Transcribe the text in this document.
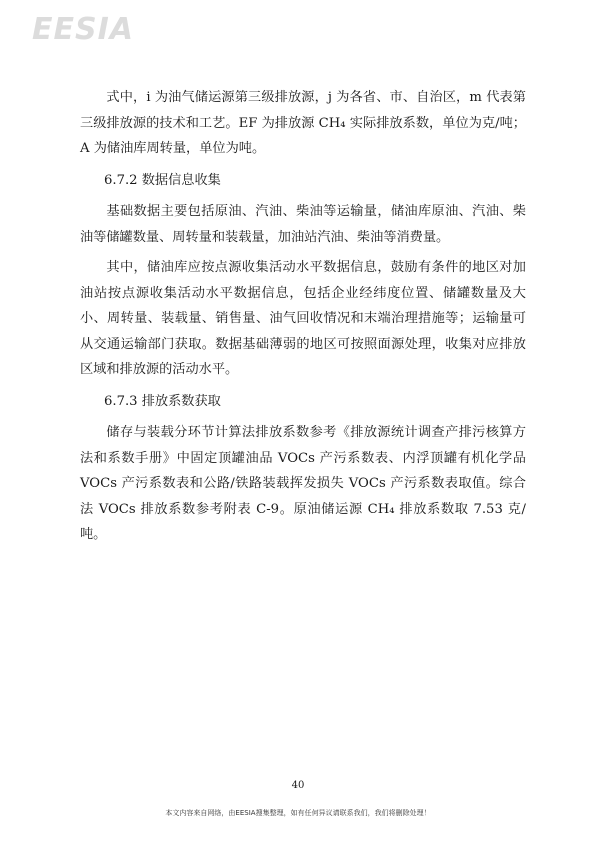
EESIA

式中，i 为油气储运源第三级排放源，j 为各省、市、自治区，m 代表第三级排放源的技术和工艺。EF 为排放源 CH₄ 实际排放系数，单位为克/吨；A 为储油库周转量，单位为吨。

6.7.2 数据信息收集

基础数据主要包括原油、汽油、柴油等运输量，储油库原油、汽油、柴油等储罐数量、周转量和装载量，加油站汽油、柴油等消费量。

其中，储油库应按点源收集活动水平数据信息，鼓励有条件的地区对加油站按点源收集活动水平数据信息，包括企业经纬度位置、储罐数量及大小、周转量、装载量、销售量、油气回收情况和末端治理措施等；运输量可从交通运输部门获取。数据基础薄弱的地区可按照面源处理，收集对应排放区域和排放源的活动水平。

6.7.3 排放系数获取

储存与装载分环节计算法排放系数参考《排放源统计调查产排污核算方法和系数手册》中固定顶罐油品 VOCs 产污系数表、内浮顶罐有机化学品 VOCs 产污系数表和公路/铁路装载挥发损失 VOCs 产污系数表取值。综合法 VOCs 排放系数参考附表 C-9。原油储运源 CH₄ 排放系数取 7.53 克/吨。

40
本文内容来自网络，由EESIA搜集整理，如有任何异议请联系我们，我们将删除处理！
